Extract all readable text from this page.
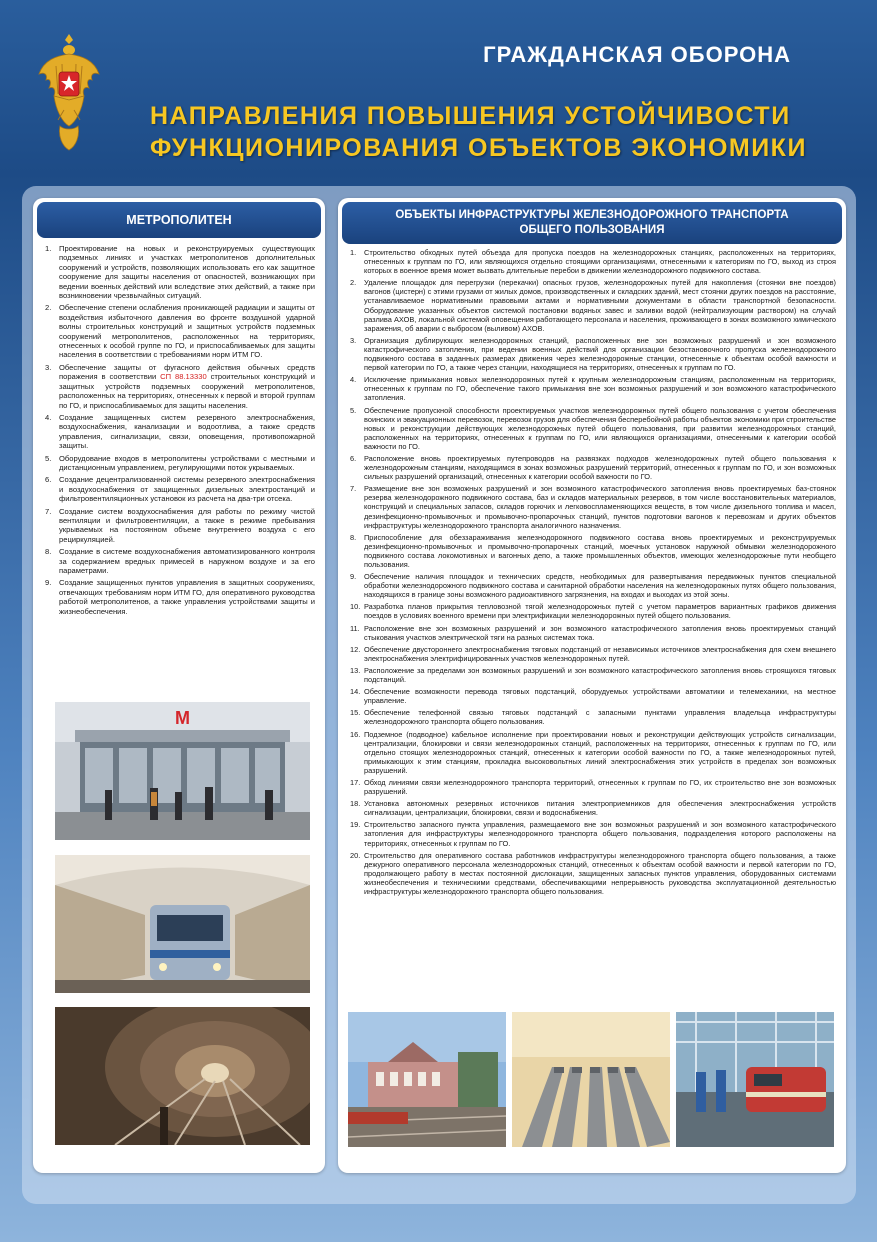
ГРАЖДАНСКАЯ ОБОРОНА
НАПРАВЛЕНИЯ ПОВЫШЕНИЯ УСТОЙЧИВОСТИ
ФУНКЦИОНИРОВАНИЯ ОБЪЕКТОВ ЭКОНОМИКИ
МЕТРОПОЛИТЕН
1.	Проектирование на новых и реконструируемых существующих подземных линиях и участках метрополитенов дополнительных сооружений и устройств, позволяющих использовать его как защитное сооружение для защиты населения от опасностей, возникающих при ведении военных действий или вследствие этих действий, а также при возникновении чрезвычайных ситуаций.
2.	Обеспечение степени ослабления проникающей радиации и защиты от воздействия избыточного давления во фронте воздушной ударной волны строительных конструкций и защитных устройств подземных сооружений метрополитенов, расположенных на территориях, отнесенных к особой группе по ГО, и приспосабливаемых для защиты населения в соответствии с требованиями норм ИТМ ГО.
3.	Обеспечение защиты от фугасного действия обычных средств поражения в соответствии СП 88.13330 строительных конструкций и защитных устройств подземных сооружений метрополитенов, расположенных на территориях, отнесенных к первой и второй группам по ГО, и приспосабливаемых для защиты населения.
4.	Создание защищенных систем резервного электроснабжения, воздухоснабжения, канализации и водоотлива, а также средств управления, сигнализации, связи, оповещения, противопожарной защиты.
5.	Оборудование входов в метрополитены устройствами с местными и дистанционным управлением, регулирующими поток укрываемых.
6.	Создание децентрализованной системы резервного электроснабжения и воздухоснабжения от защищенных дизельных электростанций и фильтровентиляционных установок из расчета на два-три отсека.
7.	Создание систем воздухоснабжения для работы по режиму чистой вентиляции и фильтровентиляции, а также в режиме пребывания укрываемых на постоянном объеме внутреннего воздуха с его рециркуляцией.
8.	Создание в системе воздухоснабжения автоматизированного контроля за содержанием вредных примесей в наружном воздухе и за его параметрами.
9.	Создание защищенных пунктов управления в защитных сооружениях, отвечающих требованиям норм ИТМ ГО, для оперативного руководства работой метрополитенов, а также управления устройствами защиты и жизнеобеспечения.
ОБЪЕКТЫ ИНФРАСТРУКТУРЫ ЖЕЛЕЗНОДОРОЖНОГО ТРАНСПОРТА
ОБЩЕГО ПОЛЬЗОВАНИЯ
1.	Строительство обходных путей объезда для пропуска поездов на железнодорожных станциях, расположенных на территориях, отнесенных к группам по ГО, или являющихся отдельно стоящими организациями, отнесенными к категориям по ГО, выход из строя которых в военное время может вызвать длительные перебои в движении железнодорожного подвижного состава.
2.	Удаление площадок для перегрузки (перекачки) опасных грузов, железнодорожных путей для накопления (стоянки вне поездов) вагонов (цистерн) с этими грузами от жилых домов, производственных и складских зданий, мест стоянки других поездов на расстояние, устанавливаемое нормативными правовыми актами и нормативными документами в области транспортной безопасности. Оборудование указанных объектов системой постановки водяных завес и заливки водой (нейтрализующим раствором) на случай разлива АХОВ, локальной системой оповещения работающего персонала и населения, проживающего в зонах возможного химического заражения, об аварии с выбросом (выливом) АХОВ.
3.	Организация дублирующих железнодорожных станций, расположенных вне зон возможных разрушений и зон возможного катастрофического затопления, при ведении военных действий для организации безостановочного пропуска железнодорожного подвижного состава в заданных размерах движения через железнодорожные станции, отнесенные к объектам особой важности и первой категории по ГО, а также через станции, находящиеся на территориях, отнесенных к группам по ГО.
4.	Исключение примыкания новых железнодорожных путей к крупным железнодорожным станциям, расположенным на территориях, отнесенных к группам по ГО, обеспечение такого примыкания вне зон возможных разрушений и зон возможного катастрофического затопления.
5.	Обеспечение пропускной способности проектируемых участков железнодорожных путей общего пользования с учетом обеспечения воинских и эвакуационных перевозок, перевозок грузов для обеспечения бесперебойной работы объектов экономики при строительстве новых и реконструкции действующих железнодорожных путей общего пользования, при развитии железнодорожных станций, расположенных на территориях, отнесенных к группам по ГО, или являющихся организациями, отнесенными к категории особой важности по ГО.
6.	Расположение вновь проектируемых путепроводов на развязках подходов железнодорожных путей общего пользования к железнодорожным станциям, находящимся в зонах возможных разрушений территорий, отнесенных к группам по ГО, и зон возможных сильных разрушений организаций, отнесенных к категории особой важности по ГО.
7.	Размещение вне зон возможных разрушений и зон возможного катастрофического затопления вновь проектируемых баз-стоянок резерва железнодорожного подвижного состава, баз и складов материальных резервов, в том числе восстановительных материалов, конструкций и специальных запасов, складов горючих и легковоспламеняющихся веществ, в том числе дизельного топлива и масел, дезинфекционно-промывочных и промывочно-пропарочных станций, пунктов подготовки вагонов к перевозкам и других объектов инфраструктуры железнодорожного транспорта аналогичного назначения.
8.	Приспособление для обеззараживания железнодорожного подвижного состава вновь проектируемых и реконструируемых дезинфекционно-промывочных и промывочно-пропарочных станций, моечных установок наружной обмывки железнодорожного подвижного состава локомотивных и вагонных депо, а также промышленных объектов, имеющих железнодорожные пути необщего пользования.
9.	Обеспечение наличия площадок и технических средств, необходимых для развертывания передвижных пунктов специальной обработки железнодорожного подвижного состава и санитарной обработки населения на железнодорожных путях общего пользования, находящихся в границе зоны возможного радиоактивного загрязнения, на входах и выходах из этой зоны.
10. Разработка планов прикрытия тепловозной тягой железнодорожных путей с учетом параметров вариантных графиков движения поездов в условиях военного времени при электрификации железнодорожных путей общего пользования.
11. Расположение вне зон возможных разрушений и зон возможного катастрофического затопления вновь проектируемых станций стыкования участков электрической тяги на разных системах тока.
12. Обеспечение двустороннего электроснабжения тяговых подстанций от независимых источников электроснабжения для схем внешнего электроснабжения электрифицированных участков железнодорожных путей.
13. Расположение за пределами зон возможных разрушений и зон возможного катастрофического затопления вновь строящихся тяговых подстанций.
14. Обеспечение возможности перевода тяговых подстанций, оборудуемых устройствами автоматики и телемеханики, на местное управление.
15. Обеспечение телефонной связью тяговых подстанций с запасными пунктами управления владельца инфраструктуры железнодорожного транспорта общего пользования.
16. Подземное (подводное) кабельное исполнение при проектировании новых и реконструкции действующих устройств сигнализации, централизации, блокировки и связи железнодорожных станций, расположенных на территориях, отнесенных к группам по ГО, или отдельно стоящих железнодорожных станций, отнесенных к категории особой важности по ГО, а также железнодорожных путей, примыкающих к этим станциям, прокладка высоковольтных линий электроснабжения этих устройств в пределах зон возможных разрушений.
17. Обход линиями связи железнодорожного транспорта территорий, отнесенных к группам по ГО, их строительство вне зон возможных разрушений.
18. Установка автономных резервных источников питания электроприемников для обеспечения электроснабжения устройств сигнализации, централизации, блокировки, связи и водоснабжения.
19. Строительство запасного пункта управления, размещаемого вне зон возможных разрушений и зон возможного катастрофического затопления для инфраструктуры железнодорожного транспорта общего пользования, подразделения которого расположены на территориях, отнесенных к группам по ГО.
20. Строительство для оперативного состава работников инфраструктуры железнодорожного транспорта общего пользования, а также дежурного оперативного персонала железнодорожных станций, отнесенных к объектам особой важности и первой категории по ГО, продолжающего работу в местах постоянной дислокации, защищенных запасных пунктов управления, оборудованных системами жизнеобеспечения и техническими средствами, обеспечивающими непрерывность руководства эксплуатационной деятельностью инфраструктуры железнодорожного транспорта общего пользования.
М
